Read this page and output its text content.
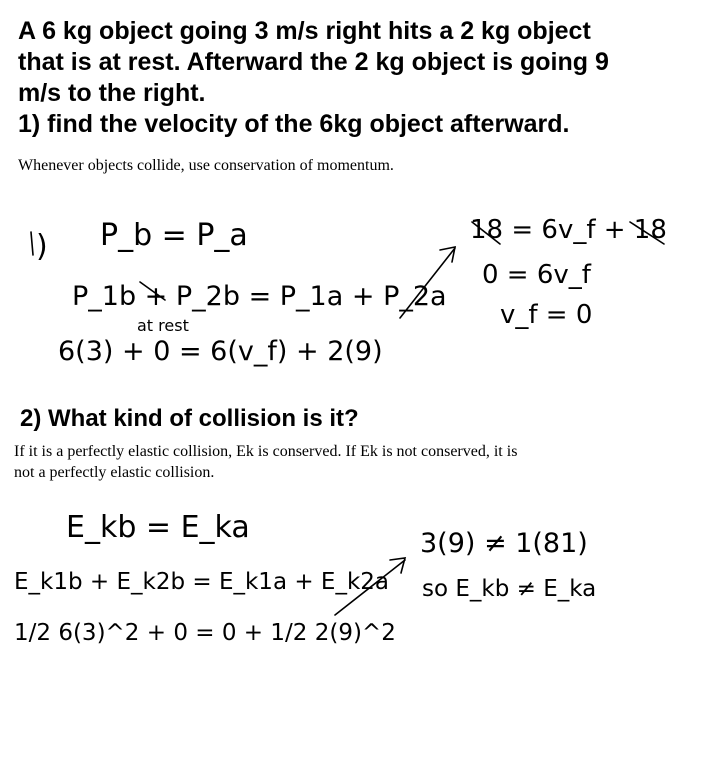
A 6 kg object going 3 m/s right hits a 2 kg object
that is at rest. Afterward the 2 kg object is going 9
m/s to the right.
1) find the velocity of the 6kg object afterward.

Whenever objects collide, use conservation of momentum.

2) What kind of collision is it?

If it is a perfectly elastic collision, Ek is conserved. If Ek is not conserved, it is

not a perfectly elastic collision.

) P_b = P_a
P_1b + P_2b = P_1a + P_2a
at rest
6(3) + 0 = 6(v_f) + 2(9)
18 = 6v_f + 18
0 = 6v_f
v_f = 0
E_kb = E_ka
E_k1b + E_k2b = E_k1a + E_k2a
1/2 6(3)^2 + 0 = 0 + 1/2 2(9)^2
3(9) ≠ 1(81)
so E_kb ≠ E_ka
